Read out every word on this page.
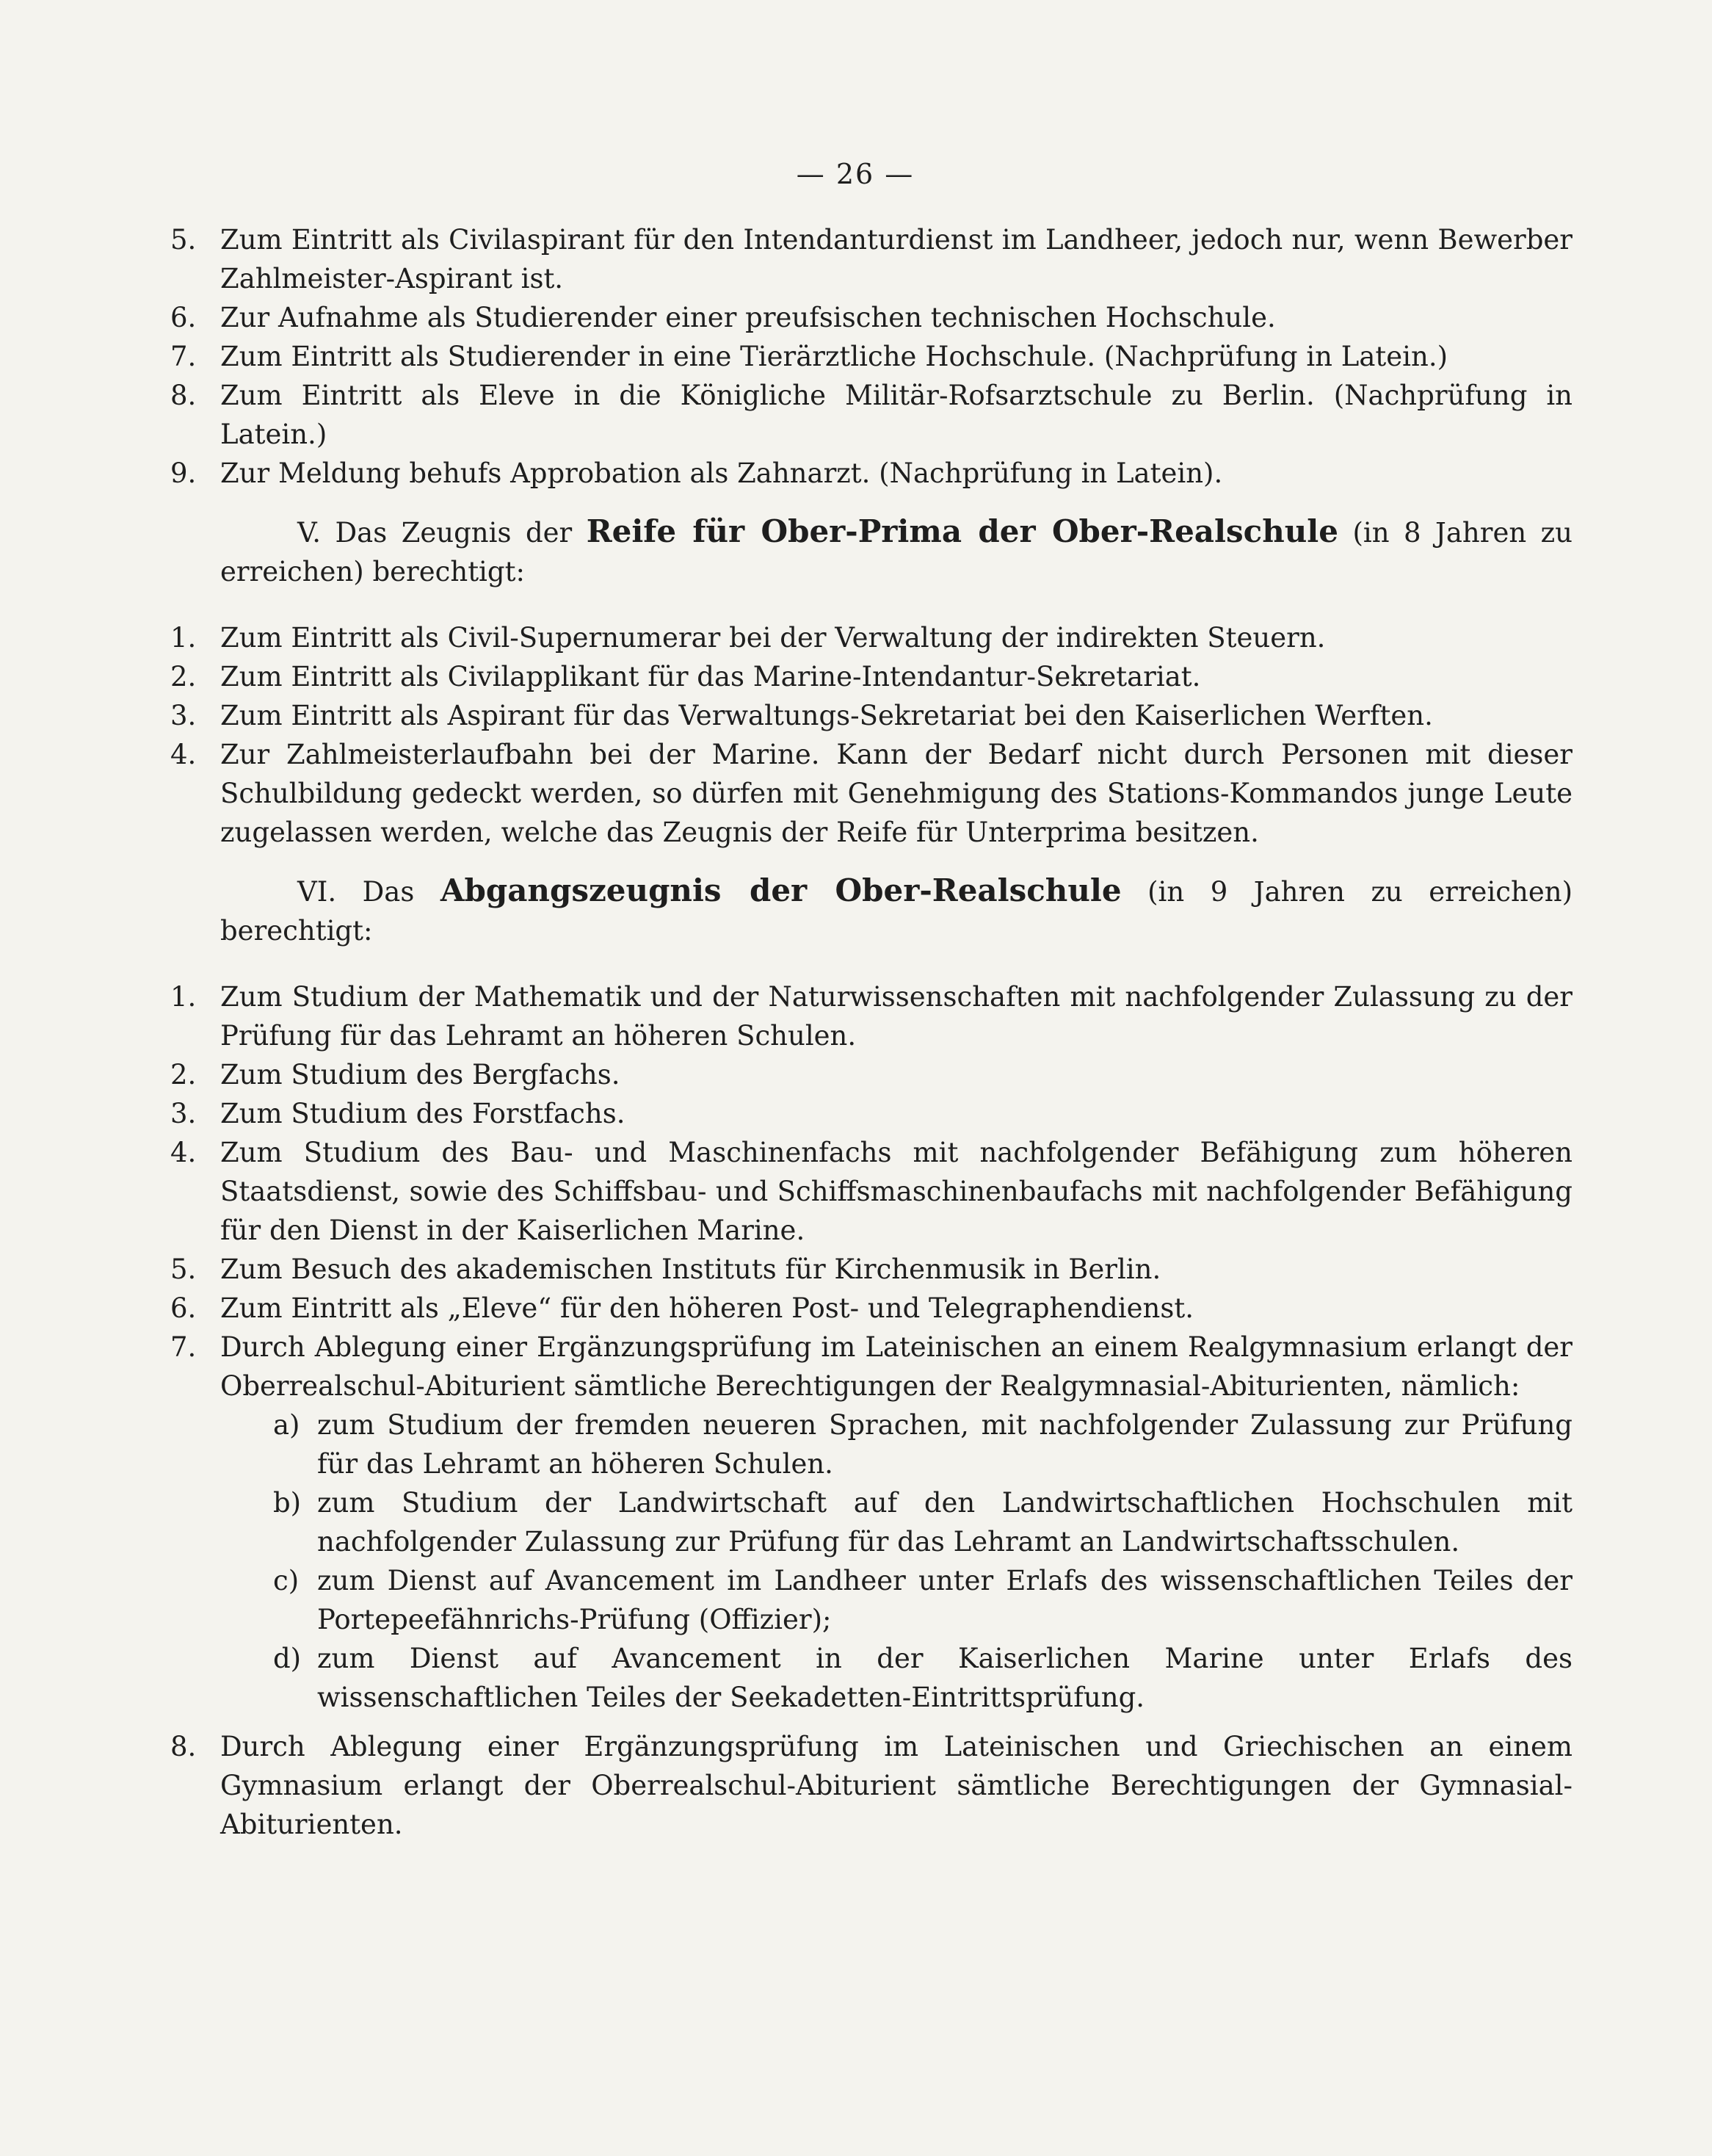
— 26 —
5. Zum Eintritt als Civilaspirant für den Intendanturdienst im Landheer, jedoch nur, wenn Bewerber Zahlmeister-Aspirant ist.
6. Zur Aufnahme als Studierender einer preufsischen technischen Hochschule.
7. Zum Eintritt als Studierender in eine Tierärztliche Hochschule. (Nachprüfung in Latein.)
8. Zum Eintritt als Eleve in die Königliche Militär-Rofsarztschule zu Berlin. (Nachprüfung in Latein.)
9. Zur Meldung behufs Approbation als Zahnarzt. (Nachprüfung in Latein).

V. Das Zeugnis der Reife für Ober-Prima der Ober-Realschule (in 8 Jahren zu erreichen) berechtigt:

1. Zum Eintritt als Civil-Supernumerar bei der Verwaltung der indirekten Steuern.
2. Zum Eintritt als Civilapplikant für das Marine-Intendantur-Sekretariat.
3. Zum Eintritt als Aspirant für das Verwaltungs-Sekretariat bei den Kaiserlichen Werften.
4. Zur Zahlmeisterlaufbahn bei der Marine. Kann der Bedarf nicht durch Personen mit dieser Schulbildung gedeckt werden, so dürfen mit Genehmigung des Stations-Kommandos junge Leute zugelassen werden, welche das Zeugnis der Reife für Unterprima besitzen.

VI. Das Abgangszeugnis der Ober-Realschule (in 9 Jahren zu erreichen) berechtigt:

1. Zum Studium der Mathematik und der Naturwissenschaften mit nachfolgender Zulassung zu der Prüfung für das Lehramt an höheren Schulen.
2. Zum Studium des Bergfachs.
3. Zum Studium des Forstfachs.
4. Zum Studium des Bau- und Maschinenfachs mit nachfolgender Befähigung zum höheren Staatsdienst, sowie des Schiffsbau- und Schiffsmaschinenbaufachs mit nachfolgender Befähigung für den Dienst in der Kaiserlichen Marine.
5. Zum Besuch des akademischen Instituts für Kirchenmusik in Berlin.
6. Zum Eintritt als „Eleve“ für den höheren Post- und Telegraphendienst.
7. Durch Ablegung einer Ergänzungsprüfung im Lateinischen an einem Realgymnasium erlangt der Oberrealschul-Abiturient sämtliche Berechtigungen der Realgymnasial-Abiturienten, nämlich:
a) zum Studium der fremden neueren Sprachen, mit nachfolgender Zulassung zur Prüfung für das Lehramt an höheren Schulen.
b) zum Studium der Landwirtschaft auf den Landwirtschaftlichen Hochschulen mit nachfolgender Zulassung zur Prüfung für das Lehramt an Landwirtschaftsschulen.
c) zum Dienst auf Avancement im Landheer unter Erlafs des wissenschaftlichen Teiles der Portepeefähnrichs-Prüfung (Offizier);
d) zum Dienst auf Avancement in der Kaiserlichen Marine unter Erlafs des wissenschaftlichen Teiles der Seekadetten-Eintrittsprüfung.
8. Durch Ablegung einer Ergänzungsprüfung im Lateinischen und Griechischen an einem Gymnasium erlangt der Oberrealschul-Abiturient sämtliche Berechtigungen der Gymnasial-Abiturienten.
